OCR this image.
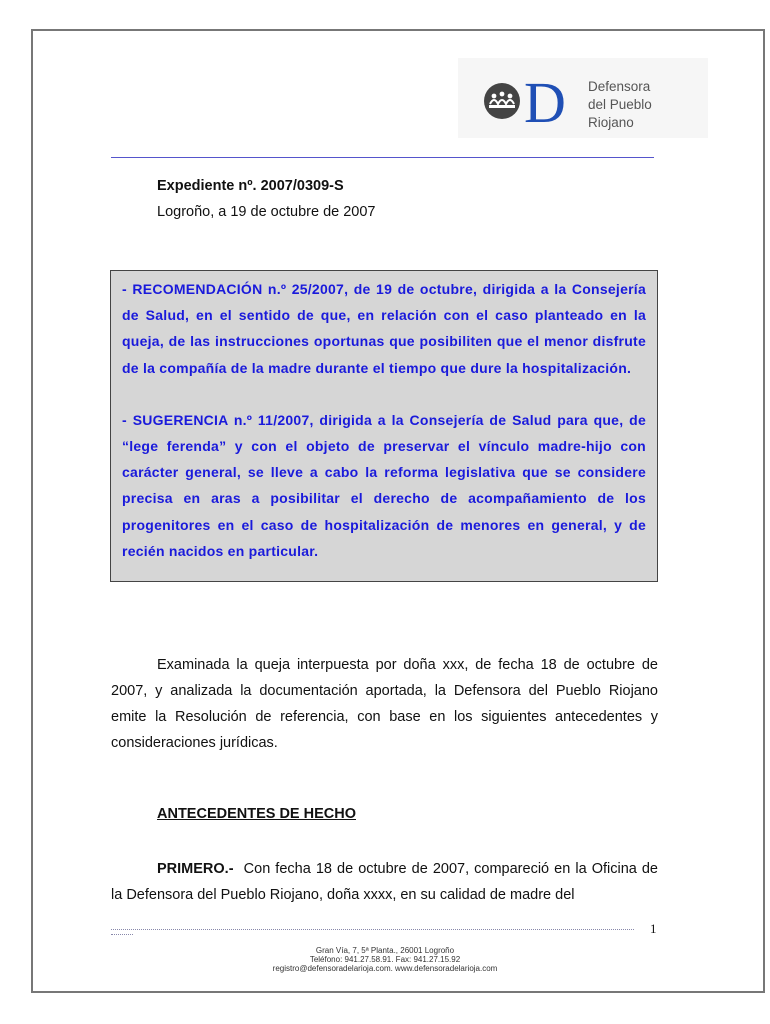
D Defensora
del Pueblo
Riojano
Expediente nº. 2007/0309-S
Logroño, a 19 de octubre de 2007

- RECOMENDACIÓN n.º 25/2007, de 19 de octubre, dirigida a la Consejería de Salud, en el sentido de que, en relación con el caso planteado en la queja, de las instrucciones oportunas que posibiliten que el menor disfrute de la compañía de la madre durante el tiempo que dure la hospitalización.

- SUGERENCIA n.º 11/2007, dirigida a la Consejería de Salud para que, de “lege ferenda” y con el objeto de preservar el vínculo madre-hijo con carácter general, se lleve a cabo la reforma legislativa que se considere precisa en aras a posibilitar el derecho de acompañamiento de los progenitores en el caso de hospitalización de menores en general, y de recién nacidos en particular.

Examinada la queja interpuesta por doña xxx, de fecha 18 de octubre de 2007, y analizada la documentación aportada, la Defensora del Pueblo Riojano emite la Resolución de referencia, con base en los siguientes antecedentes y consideraciones jurídicas.
ANTECEDENTES DE HECHO
PRIMERO.- Con fecha 18 de octubre de 2007, compareció en la Oficina de la Defensora del Pueblo Riojano, doña xxxx, en su calidad de madre del
1
Gran Vía, 7, 5ª Planta., 26001 Logroño
Teléfono: 941.27.58.91. Fax: 941.27.15.92
registro@defensoradelarioja.com. www.defensoradelarioja.com
